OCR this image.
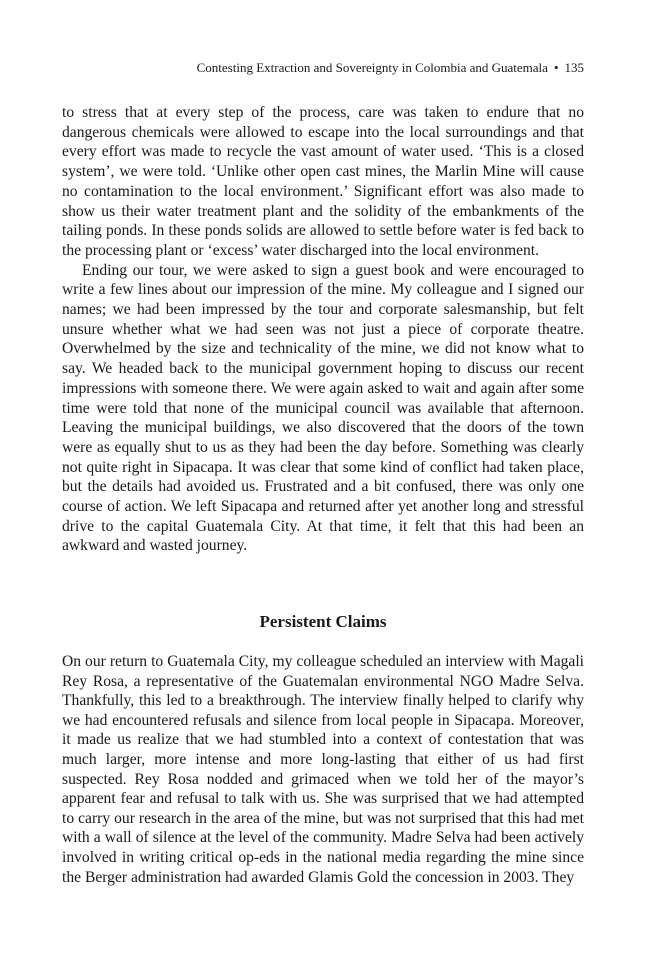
Contesting Extraction and Sovereignty in Colombia and Guatemala • 135

to stress that at every step of the process, care was taken to endure that no dangerous chemicals were allowed to escape into the local surroundings and that every effort was made to recycle the vast amount of water used. ‘This is a closed system’, we were told. ‘Unlike other open cast mines, the Marlin Mine will cause no contamination to the local environment.’ Significant effort was also made to show us their water treatment plant and the solidity of the embankments of the tailing ponds. In these ponds solids are allowed to settle before water is fed back to the processing plant or ‘excess’ water discharged into the local environment.

Ending our tour, we were asked to sign a guest book and were encouraged to write a few lines about our impression of the mine. My colleague and I signed our names; we had been impressed by the tour and corporate salesmanship, but felt unsure whether what we had seen was not just a piece of corporate theatre. Overwhelmed by the size and technicality of the mine, we did not know what to say. We headed back to the municipal government hoping to discuss our recent impressions with someone there. We were again asked to wait and again after some time were told that none of the municipal council was available that afternoon. Leaving the municipal buildings, we also discovered that the doors of the town were as equally shut to us as they had been the day before. Something was clearly not quite right in Sipacapa. It was clear that some kind of conflict had taken place, but the details had avoided us. Frustrated and a bit confused, there was only one course of action. We left Sipacapa and returned after yet another long and stressful drive to the capital Guatemala City. At that time, it felt that this had been an awkward and wasted journey.

Persistent Claims

On our return to Guatemala City, my colleague scheduled an interview with Magali Rey Rosa, a representative of the Guatemalan environmental NGO Madre Selva. Thankfully, this led to a breakthrough. The interview finally helped to clarify why we had encountered refusals and silence from local people in Sipacapa. Moreover, it made us realize that we had stumbled into a context of contestation that was much larger, more intense and more long-lasting that either of us had first suspected. Rey Rosa nodded and grimaced when we told her of the mayor’s apparent fear and refusal to talk with us. She was surprised that we had attempted to carry our research in the area of the mine, but was not surprised that this had met with a wall of silence at the level of the community. Madre Selva had been actively involved in writing critical op-eds in the national media regarding the mine since the Berger administration had awarded Glamis Gold the concession in 2003. They
